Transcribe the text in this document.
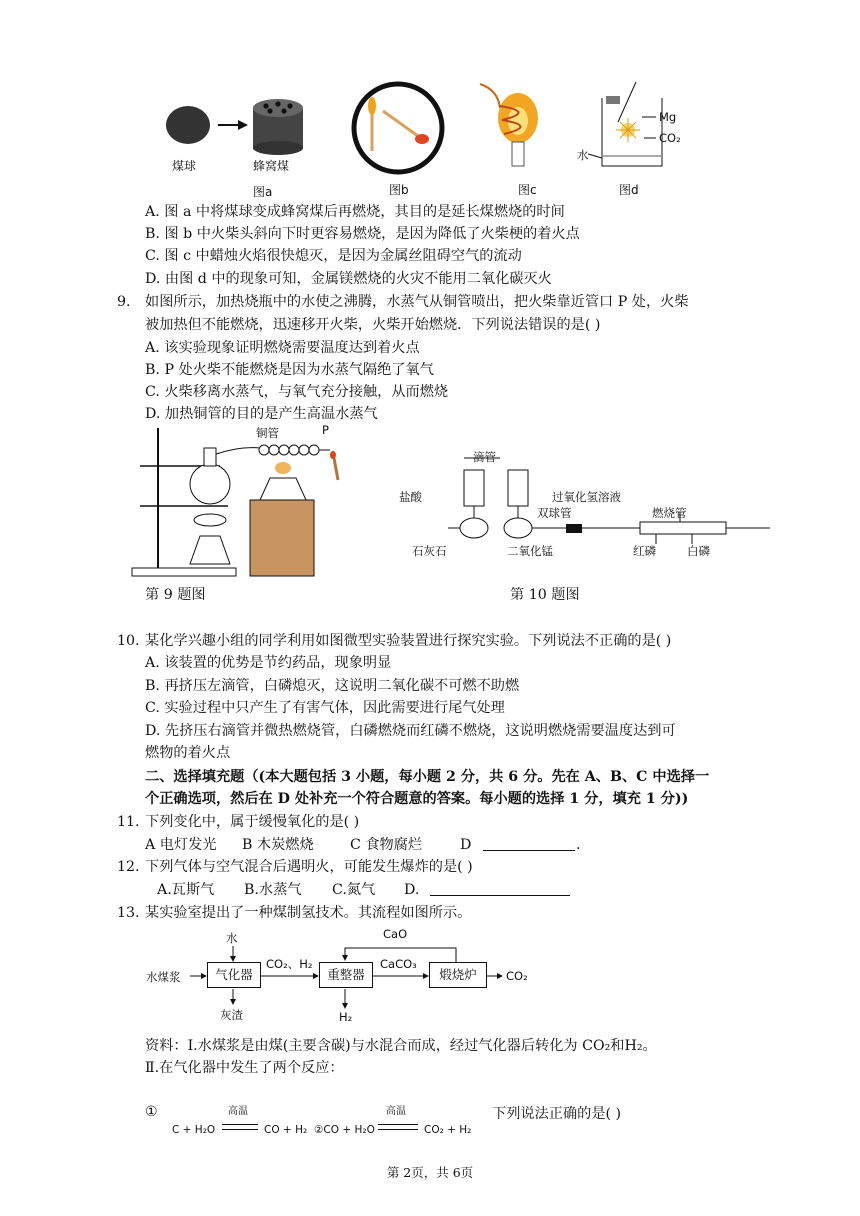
煤球	蜂窝煤
图a	图b	图c	图d
Mg
CO₂
水
A. 图 a 中将煤球变成蜂窝煤后再燃烧，其目的是延长煤燃烧的时间
B. 图 b 中火柴头斜向下时更容易燃烧，是因为降低了火柴梗的着火点
C. 图 c 中蜡烛火焰很快熄灭，是因为金属丝阻碍空气的流动
D. 由图 d 中的现象可知，金属镁燃烧的火灾不能用二氧化碳灭火
9. 如图所示，加热烧瓶中的水使之沸腾，水蒸气从铜管喷出，把火柴靠近管口 P 处，火柴
被加热但不能燃烧，迅速移开火柴，火柴开始燃烧．下列说法错误的是( )
A. 该实验现象证明燃烧需要温度达到着火点
B. P 处火柴不能燃烧是因为水蒸气隔绝了氧气
C. 火柴移离水蒸气，与氧气充分接触，从而燃烧
D. 加热铜管的目的是产生高温水蒸气
铜管	P
第 9 题图
滴管
盐酸	过氧化氢溶液
双球管	燃烧管
石灰石	二氧化锰	红磷	白磷
第 10 题图
10. 某化学兴趣小组的同学利用如图微型实验装置进行探究实验。下列说法不正确的是( )
A. 该装置的优势是节约药品，现象明显
B. 再挤压左滴管，白磷熄灭，这说明二氧化碳不可燃不助燃
C. 实验过程中只产生了有害气体，因此需要进行尾气处理
D. 先挤压右滴管并微热燃烧管，白磷燃烧而红磷不燃烧，这说明燃烧需要温度达到可
燃物的着火点
二、选择填充题（(本大题包括 3 小题，每小题 2 分，共 6 分。先在 A、B、C 中选择一
个正确选项，然后在 D 处补充一个符合题意的答案。每小题的选择 1 分，填充 1 分))
11. 下列变化中，属于缓慢氧化的是( )
A 电灯发光 B 木炭燃烧	C 食物腐烂	D	.
12. 下列气体与空气混合后遇明火，可能发生爆炸的是( )
A.瓦斯气 B.水蒸气 C.氮气 D.
13. 某实验室提出了一种煤制氢技术。其流程如图所示。
水煤浆
水
气化器
CO₂、H₂
灰渣
重整器
H₂
CaO
CaCO₃
煅烧炉	CO₂
资料：Ⅰ.水煤浆是由煤(主要含碳)与水混合而成，经过气化器后转化为 CO₂和H₂。
Ⅱ.在气化器中发生了两个反应：
①	高温
C + H₂O	CO + H₂ ②CO + H₂O
高温
CO₂ + H₂
下列说法正确的是( )
第 2页，共 6页
